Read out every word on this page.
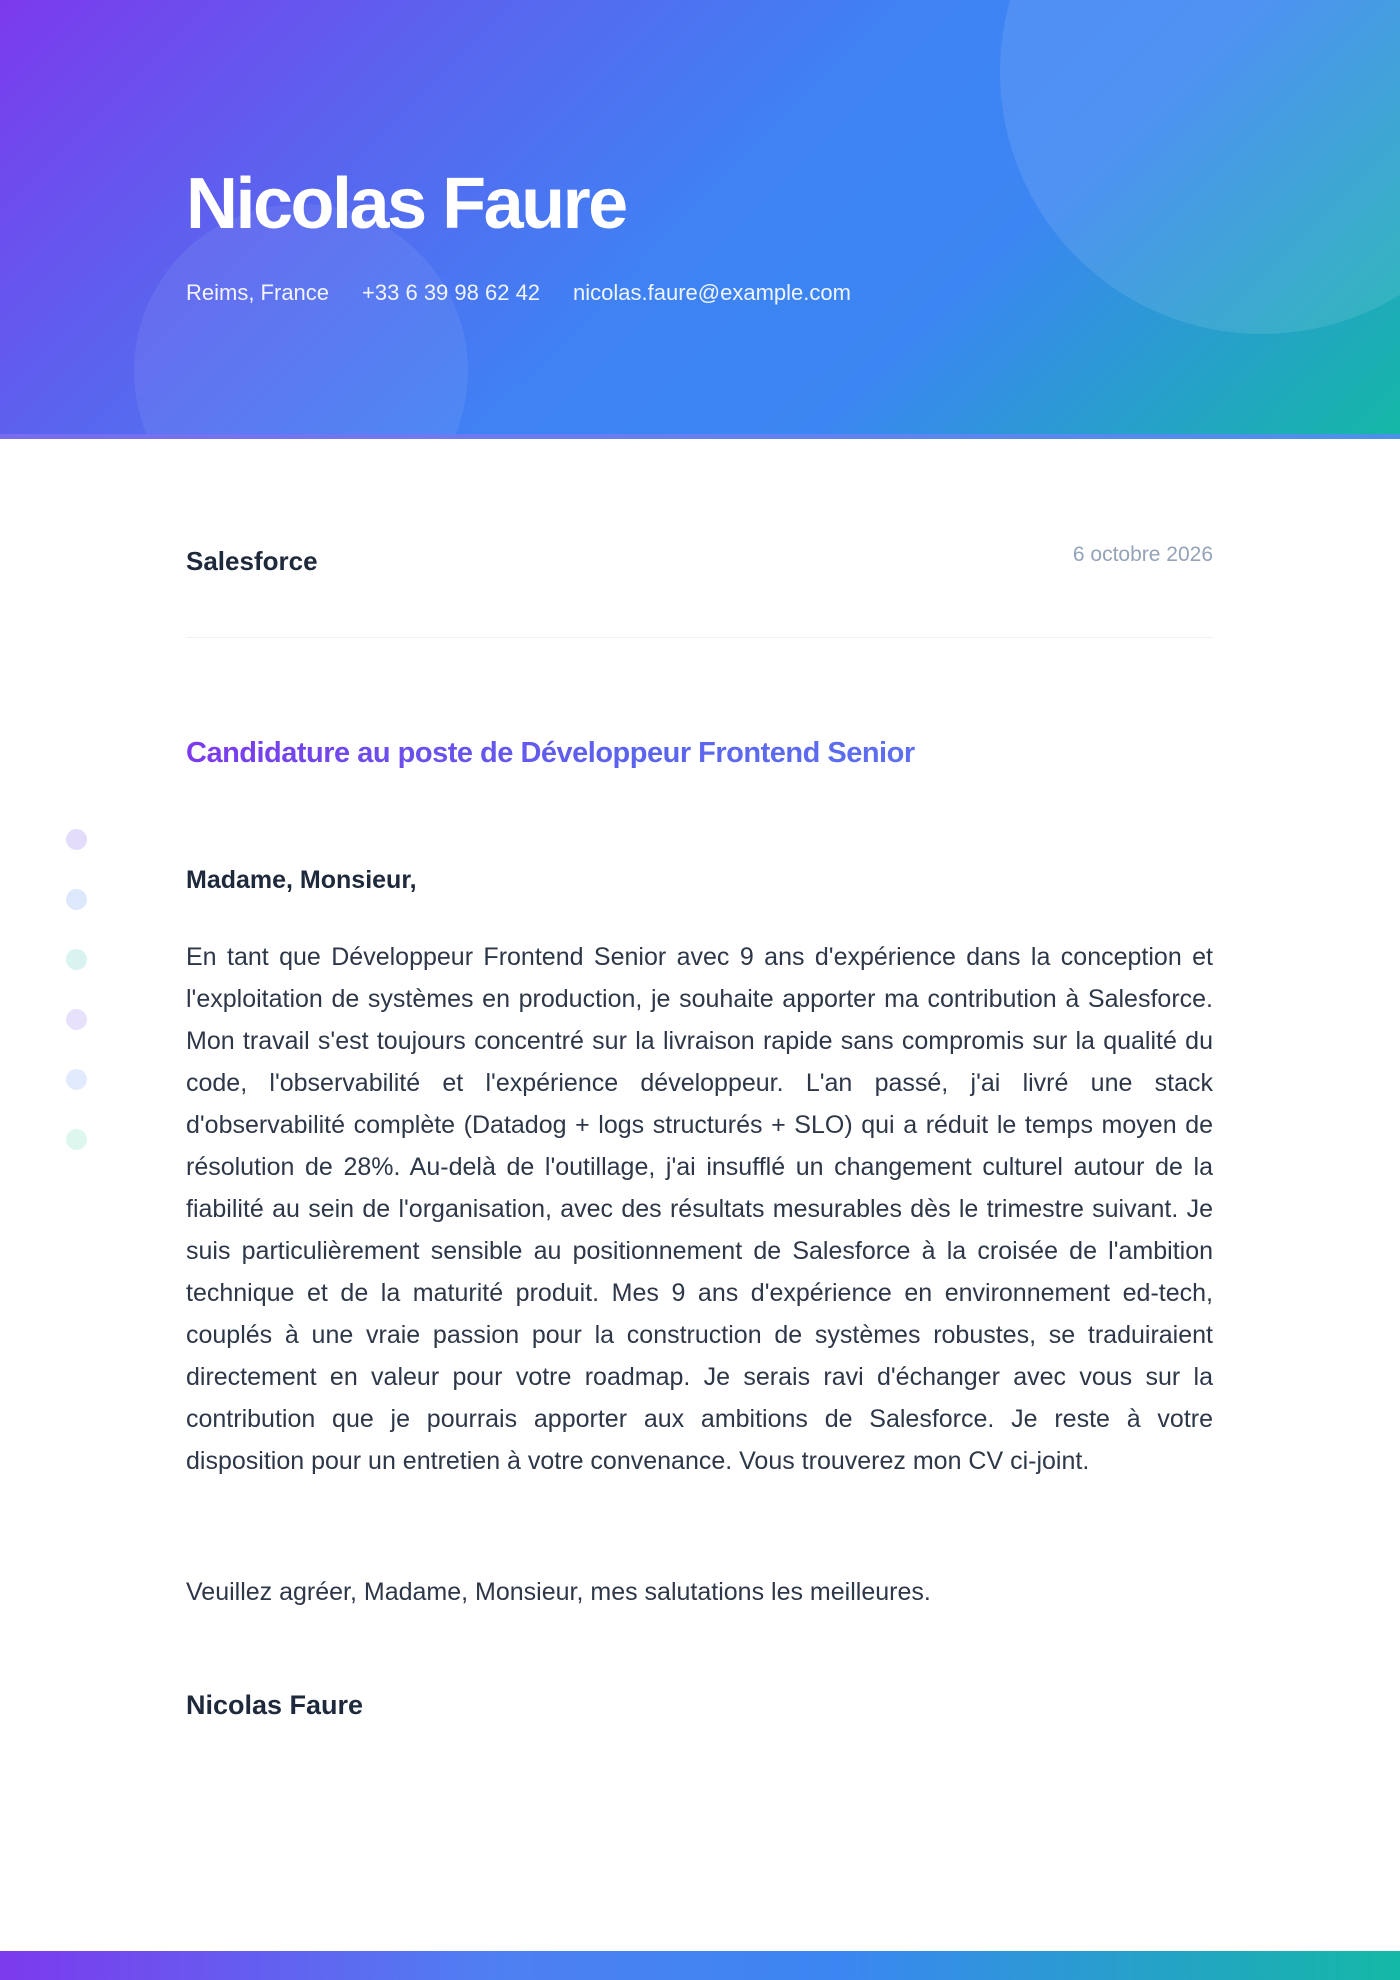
Nicolas Faure
Reims, France +33 6 39 98 62 42 nicolas.faure@example.com
Salesforce	6 octobre 2026
Candidature au poste de Développeur Frontend Senior
Madame, Monsieur,

En tant que Développeur Frontend Senior avec 9 ans d'expérience dans la conception et l'exploitation de systèmes en production, je souhaite apporter ma contribution à Salesforce. Mon travail s'est toujours concentré sur la livraison rapide sans compromis sur la qualité du code, l'observabilité et l'expérience développeur. L'an passé, j'ai livré une stack d'observabilité complète (Datadog + logs structurés + SLO) qui a réduit le temps moyen de résolution de 28%. Au-delà de l'outillage, j'ai insufflé un changement culturel autour de la fiabilité au sein de l'organisation, avec des résultats mesurables dès le trimestre suivant. Je suis particulièrement sensible au positionnement de Salesforce à la croisée de l'ambition technique et de la maturité produit. Mes 9 ans d'expérience en environnement ed-tech, couplés à une vraie passion pour la construction de systèmes robustes, se traduiraient directement en valeur pour votre roadmap. Je serais ravi d'échanger avec vous sur la contribution que je pourrais apporter aux ambitions de Salesforce. Je reste à votre disposition pour un entretien à votre convenance. Vous trouverez mon CV ci-joint.

Veuillez agréer, Madame, Monsieur, mes salutations les meilleures.
Nicolas Faure
